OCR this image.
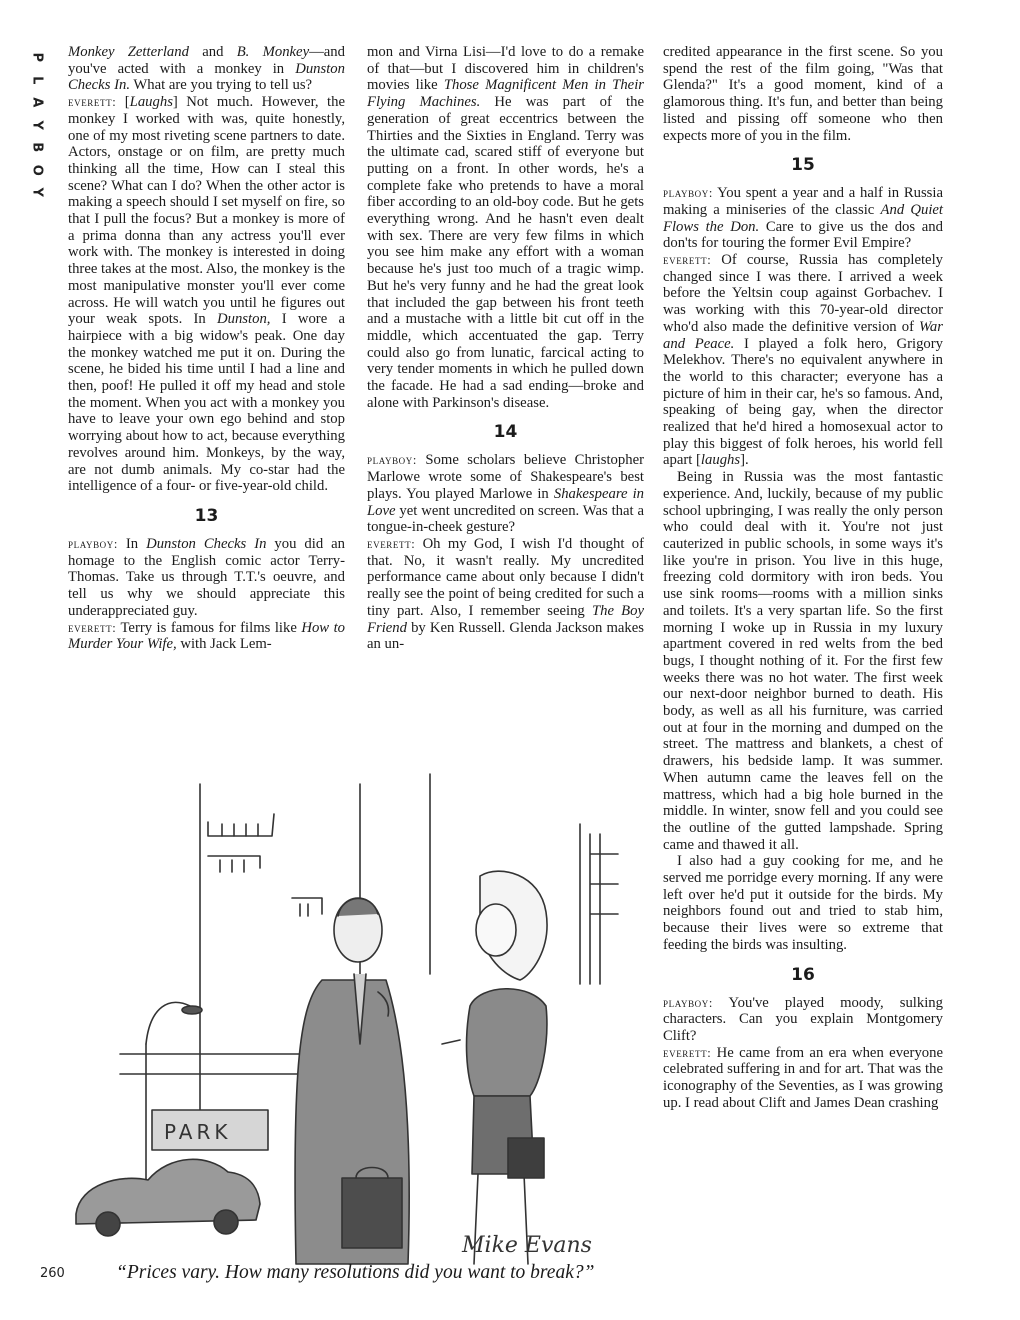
P
L
A
Y
B
O
Y

Monkey Zetterland and B. Monkey—and you've acted with a monkey in Dunston Checks In. What are you trying to tell us?

everett: [Laughs] Not much. However, the monkey I worked with was, quite honestly, one of my most riveting scene partners to date. Actors, onstage or on film, are pretty much thinking all the time, How can I steal this scene? What can I do? When the other actor is making a speech should I set myself on fire, so that I pull the focus? But a monkey is more of a prima donna than any actress you'll ever work with. The monkey is interested in doing three takes at the most. Also, the monkey is the most manipulative monster you'll ever come across. He will watch you until he figures out your weak spots. In Dunston, I wore a hairpiece with a big widow's peak. One day the monkey watched me put it on. During the scene, he bided his time until I had a line and then, poof! He pulled it off my head and stole the moment. When you act with a monkey you have to leave your own ego behind and stop worrying about how to act, because everything revolves around him. Monkeys, by the way, are not dumb animals. My co-star had the intelligence of a four- or five-year-old child.

13

playboy: In Dunston Checks In you did an homage to the English comic actor Terry-Thomas. Take us through T.T.'s oeuvre, and tell us why we should appreciate this underappreciated guy.

everett: Terry is famous for films like How to Murder Your Wife, with Jack Lem-

mon and Virna Lisi—I'd love to do a remake of that—but I discovered him in children's movies like Those Magnificent Men in Their Flying Machines. He was part of the generation of great eccentrics between the Thirties and the Sixties in England. Terry was the ultimate cad, scared stiff of everyone but putting on a front. In other words, he's a complete fake who pretends to have a moral fiber according to an old-boy code. But he gets everything wrong. And he hasn't even dealt with sex. There are very few films in which you see him make any effort with a woman because he's just too much of a tragic wimp. But he's very funny and he had the great look that included the gap between his front teeth and a mustache with a little bit cut off in the middle, which accentuated the gap. Terry could also go from lunatic, farcical acting to very tender moments in which he pulled down the facade. He had a sad ending—broke and alone with Parkinson's disease.

14

playboy: Some scholars believe Christopher Marlowe wrote some of Shakespeare's best plays. You played Marlowe in Shakespeare in Love yet went uncredited on screen. Was that a tongue-in-cheek gesture?

everett: Oh my God, I wish I'd thought of that. No, it wasn't really. My uncredited performance came about only because I didn't really see the point of being credited for such a tiny part. Also, I remember seeing The Boy Friend by Ken Russell. Glenda Jackson makes an un-

credited appearance in the first scene. So you spend the rest of the film going, "Was that Glenda?" It's a good moment, kind of a glamorous thing. It's fun, and better than being listed and pissing off someone who then expects more of you in the film.

15

playboy: You spent a year and a half in Russia making a miniseries of the classic And Quiet Flows the Don. Care to give us the dos and don'ts for touring the former Evil Empire?

everett: Of course, Russia has completely changed since I was there. I arrived a week before the Yeltsin coup against Gorbachev. I was working with this 70-year-old director who'd also made the definitive version of War and Peace. I played a folk hero, Grigory Melekhov. There's no equivalent anywhere in the world to this character; everyone has a picture of him in their car, he's so famous. And, speaking of being gay, when the director realized that he'd hired a homosexual actor to play this biggest of folk heroes, his world fell apart [laughs].

Being in Russia was the most fantastic experience. And, luckily, because of my public school upbringing, I was really the only person who could deal with it. You're not just cauterized in public schools, in some ways it's like you're in prison. You live in this huge, freezing cold dormitory with iron beds. You use sink rooms—rooms with a million sinks and toilets. It's a very spartan life. So the first morning I woke up in Russia in my luxury apartment covered in red welts from the bed bugs, I thought nothing of it. For the first few weeks there was no hot water. The first week our next-door neighbor burned to death. His body, as well as all his furniture, was carried out at four in the morning and dumped on the street. The mattress and blankets, a chest of drawers, his bedside lamp. It was summer. When autumn came the leaves fell on the mattress, which had a big hole burned in the middle. In winter, snow fell and you could see the outline of the gutted lampshade. Spring came and thawed it all.

I also had a guy cooking for me, and he served me porridge every morning. If any were left over he'd put it outside for the birds. My neighbors found out and tried to stab him, because their lives were so extreme that feeding the birds was insulting.

16

playboy: You've played moody, sulking characters. Can you explain Montgomery Clift?

everett: He came from an era when everyone celebrated suffering in and for art. That was the iconography of the Seventies, as I was growing up. I read about Clift and James Dean crashing

PARK
Mike Evans
“Prices vary. How many resolutions did you want to break?”
260
